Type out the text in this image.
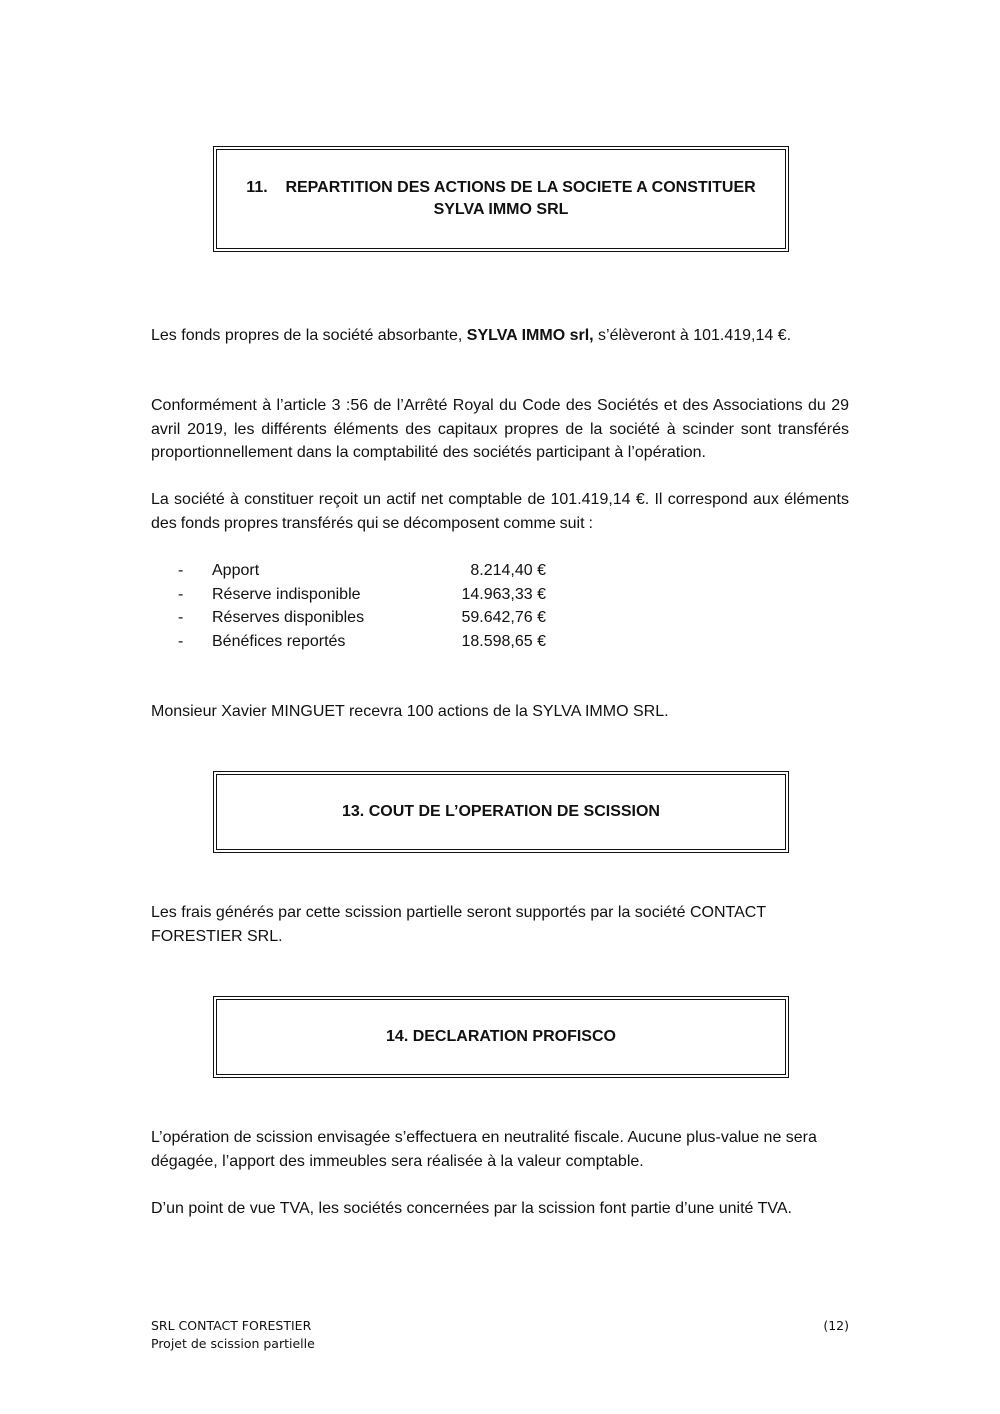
11.    REPARTITION DES ACTIONS DE LA SOCIETE A CONSTITUER
SYLVA IMMO SRL

Les fonds propres de la société absorbante, SYLVA IMMO srl, s’élèveront à 101.419,14 €.

Conformément à l’article 3 :56 de l’Arrêté Royal du Code des Sociétés et des Associations du 29 avril 2019, les différents éléments des capitaux propres de la société à scinder sont transférés proportionnellement dans la comptabilité des sociétés participant à l’opération.

La société à constituer reçoit un actif net comptable de 101.419,14 €. Il correspond aux éléments des fonds propres transférés qui se décomposent comme suit :

-	Apport	8.214,40 €
-	Réserve indisponible	14.963,33 €
-	Réserves disponibles	59.642,76 €
-	Bénéfices reportés	18.598,65 €

Monsieur Xavier MINGUET recevra 100 actions de la SYLVA IMMO SRL.

13. COUT DE L’OPERATION DE SCISSION

Les frais générés par cette scission partielle seront supportés par la société CONTACT FORESTIER SRL.

14. DECLARATION PROFISCO

L’opération de scission envisagée s’effectuera en neutralité fiscale. Aucune plus-value ne sera dégagée, l’apport des immeubles sera réalisée à la valeur comptable.

D’un point de vue TVA, les sociétés concernées par la scission font partie d’une unité TVA.

SRL CONTACT FORESTIER
Projet de scission partielle
(12)
